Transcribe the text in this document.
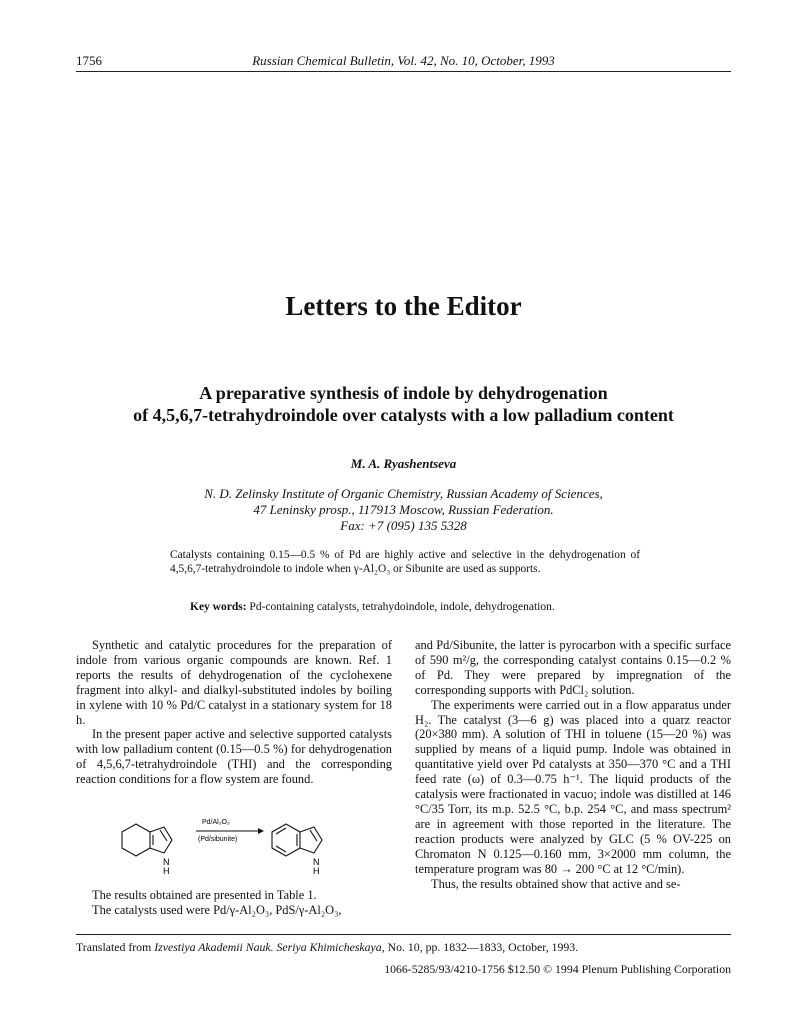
1756	Russian Chemical Bulletin, Vol. 42, No. 10, October, 1993
Letters to the Editor
A preparative synthesis of indole by dehydrogenation
of 4,5,6,7-tetrahydroindole over catalysts with a low palladium content
M. A. Ryashentseva
N. D. Zelinsky Institute of Organic Chemistry, Russian Academy of Sciences,
47 Leninsky prosp., 117913 Moscow, Russian Federation.
Fax: +7 (095) 135 5328
Catalysts containing 0.15—0.5 % of Pd are highly active and selective in the dehydrogenation of 4,5,6,7-tetrahydroindole to indole when γ-Al₂O₃ or Sibunite are used as supports.
Key words: Pd-containing catalysts, tetrahydoindole, indole, dehydrogenation.

Synthetic and catalytic procedures for the preparation of indole from various organic compounds are known. Ref. 1 reports the results of dehydrogenation of the cyclohexene fragment into alkyl- and dialkyl-substituted indoles by boiling in xylene with 10 % Pd/C catalyst in a stationary system for 18 h.

In the present paper active and selective supported catalysts with low palladium content (0.15—0.5 %) for dehydrogenation of 4,5,6,7-tetrahydroindole (THI) and the corresponding reaction conditions for a flow system are found.

N
H
Pd/Al₂O₃
(Pd/sibunite)
N
H

The results obtained are presented in Table 1.

The catalysts used were Pd/γ-Al₂O₃, PdS/γ-Al₂O₃,

and Pd/Sibunite, the latter is pyrocarbon with a specific surface of 590 m²/g, the corresponding catalyst contains 0.15—0.2 % of Pd. They were prepared by impregnation of the corresponding supports with PdCl₂ solution.

The experiments were carried out in a flow apparatus under H₂. The catalyst (3—6 g) was placed into a quarz reactor (20×380 mm). A solution of THI in toluene (15—20 %) was supplied by means of a liquid pump. Indole was obtained in quantitative yield over Pd catalysts at 350—370 °C and a THI feed rate (ω) of 0.3—0.75 h⁻¹. The liquid products of the catalysis were fractionated in vacuo; indole was distilled at 146 °C/35 Torr, its m.p. 52.5 °C, b.p. 254 °C, and mass spectrum² are in agreement with those reported in the literature. The reaction products were analyzed by GLC (5 % OV-225 on Chromaton N 0.125—0.160 mm, 3×2000 mm column, the temperature program was 80 → 200 °C at 12 °C/min).

Thus, the results obtained show that active and se-

Translated from Izvestiya Akademii Nauk. Seriya Khimicheskaya, No. 10, pp. 1832—1833, October, 1993.
1066-5285/93/4210-1756 $12.50 © 1994 Plenum Publishing Corporation
